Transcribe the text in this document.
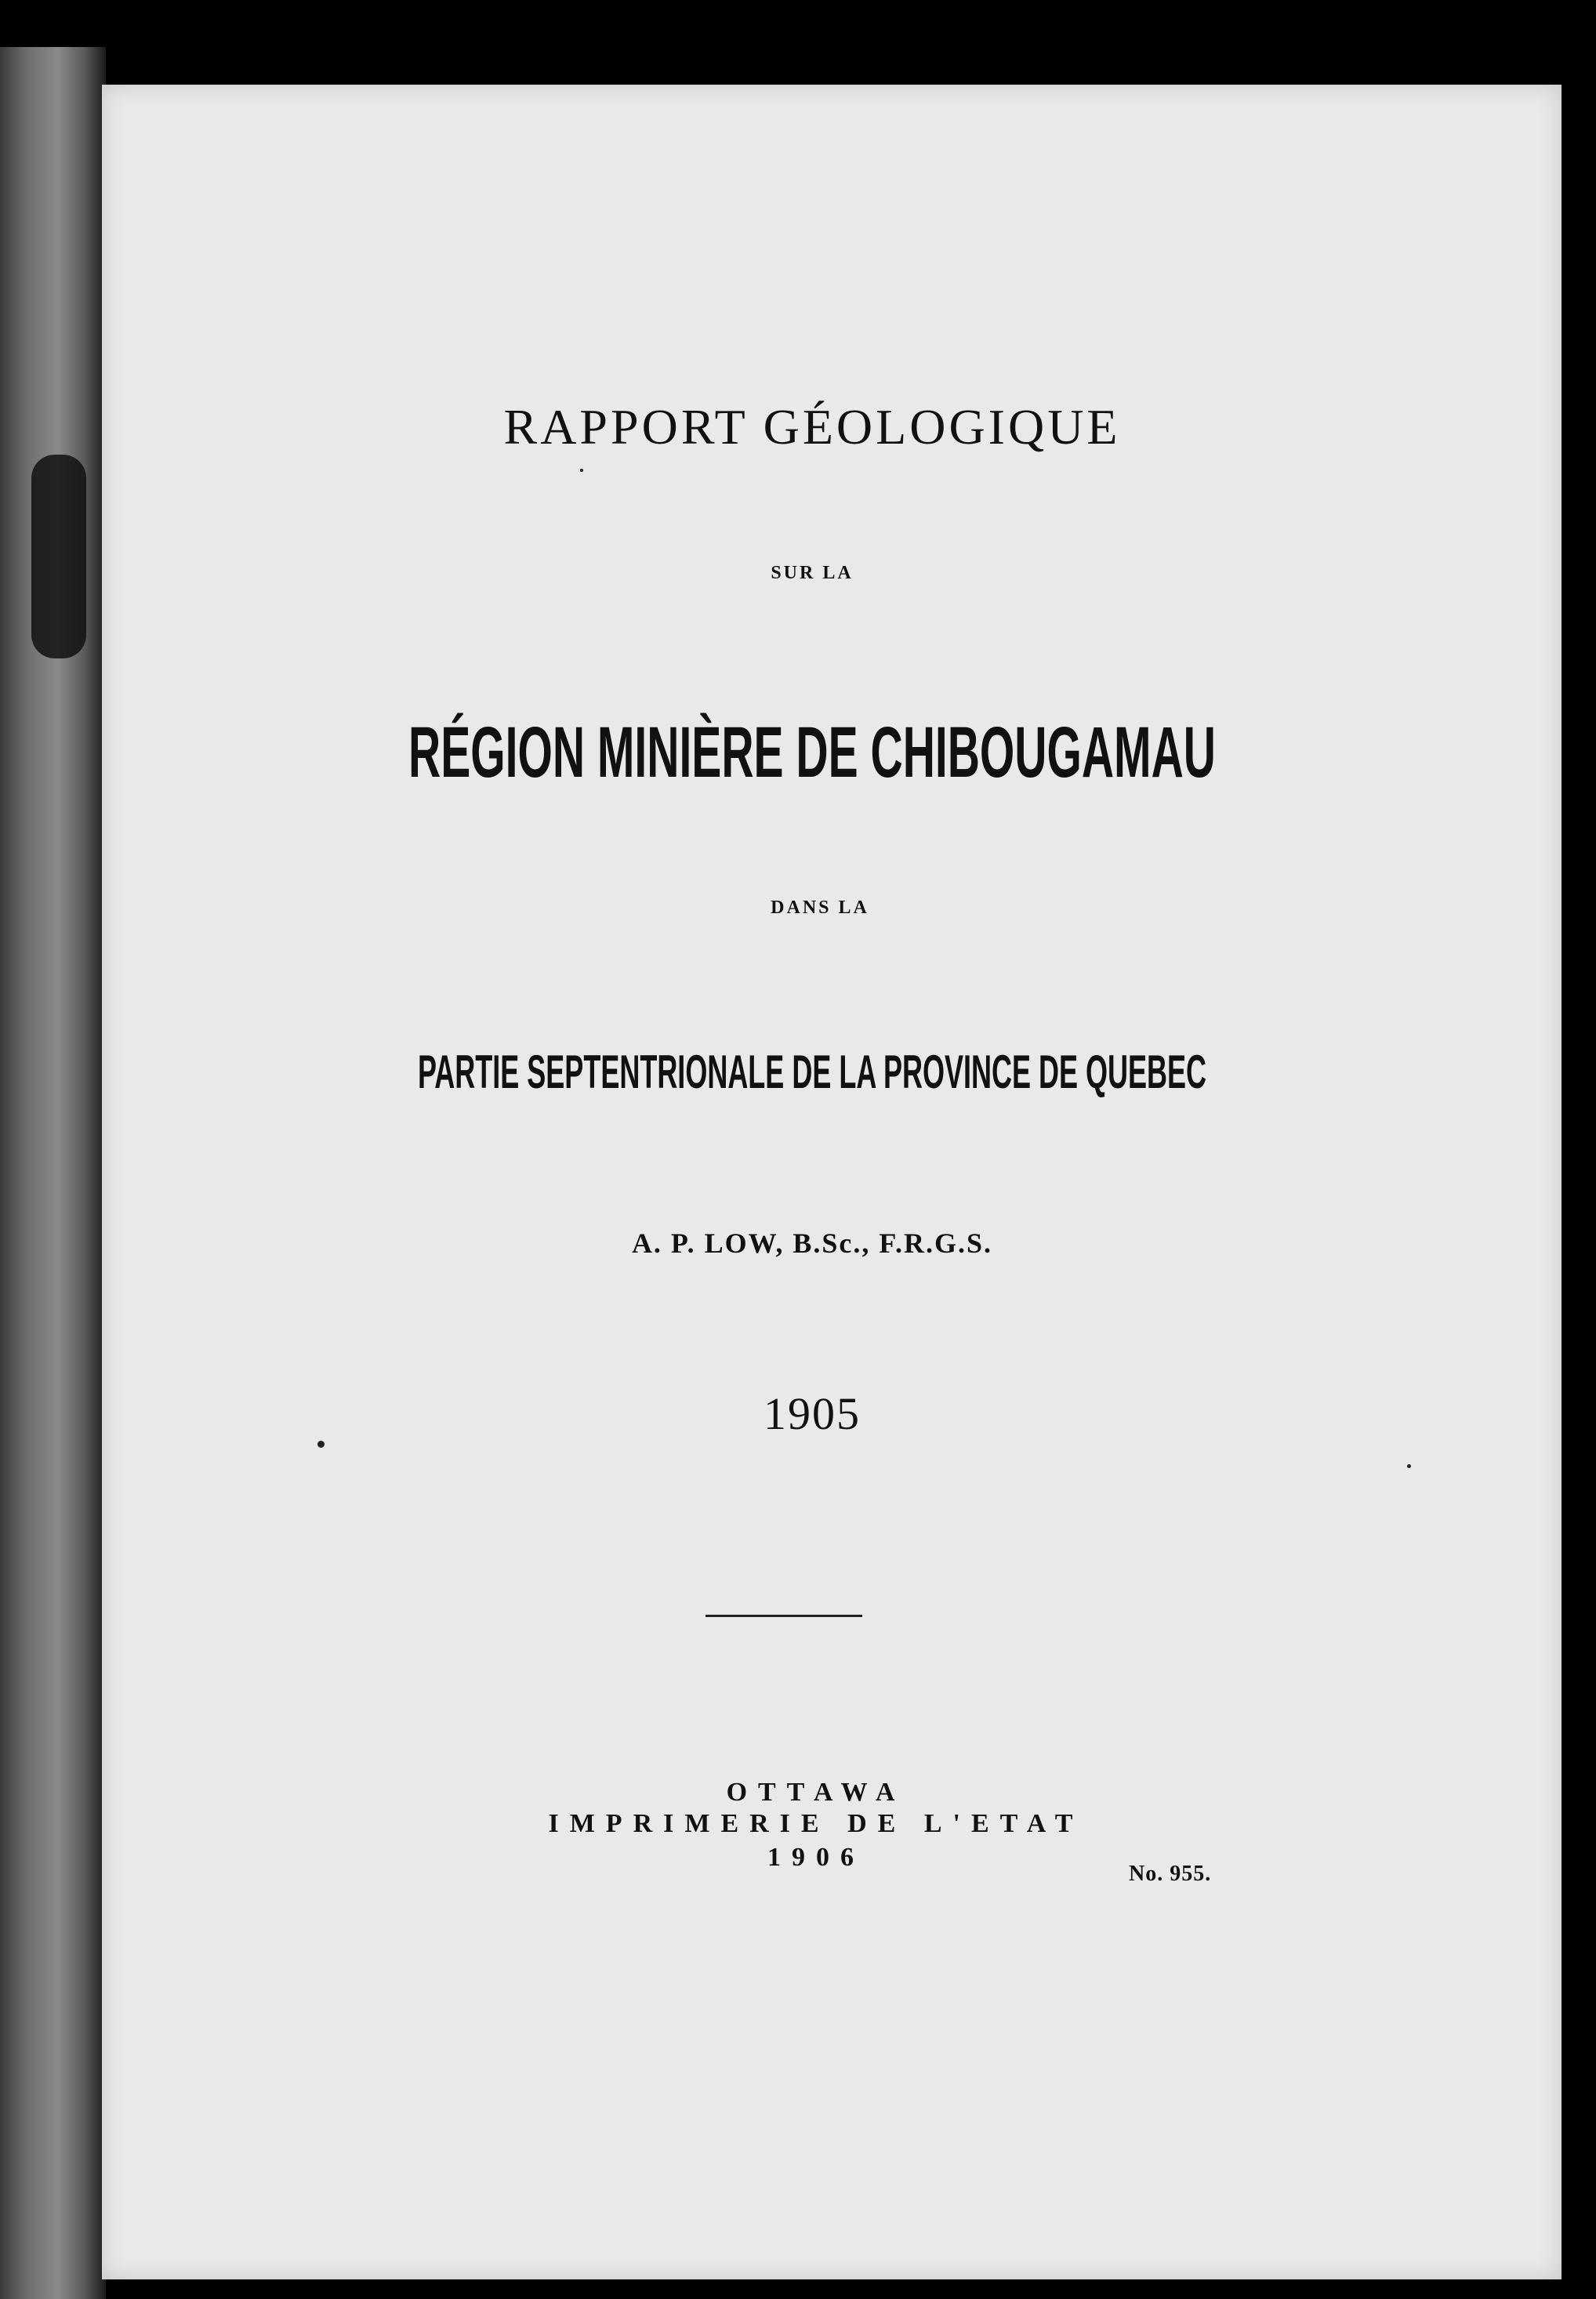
RAPPORT GÉOLOGIQUE
SUR LA
RÉGION MINIÈRE DE CHIBOUGAMAU
DANS LA
PARTIE SEPTENTRIONALE DE LA PROVINCE DE QUEBEC
A. P. LOW, B.Sc., F.R.G.S.
1905
OTTAWA
IMPRIMERIE DE L'ETAT
1906
No. 955.
